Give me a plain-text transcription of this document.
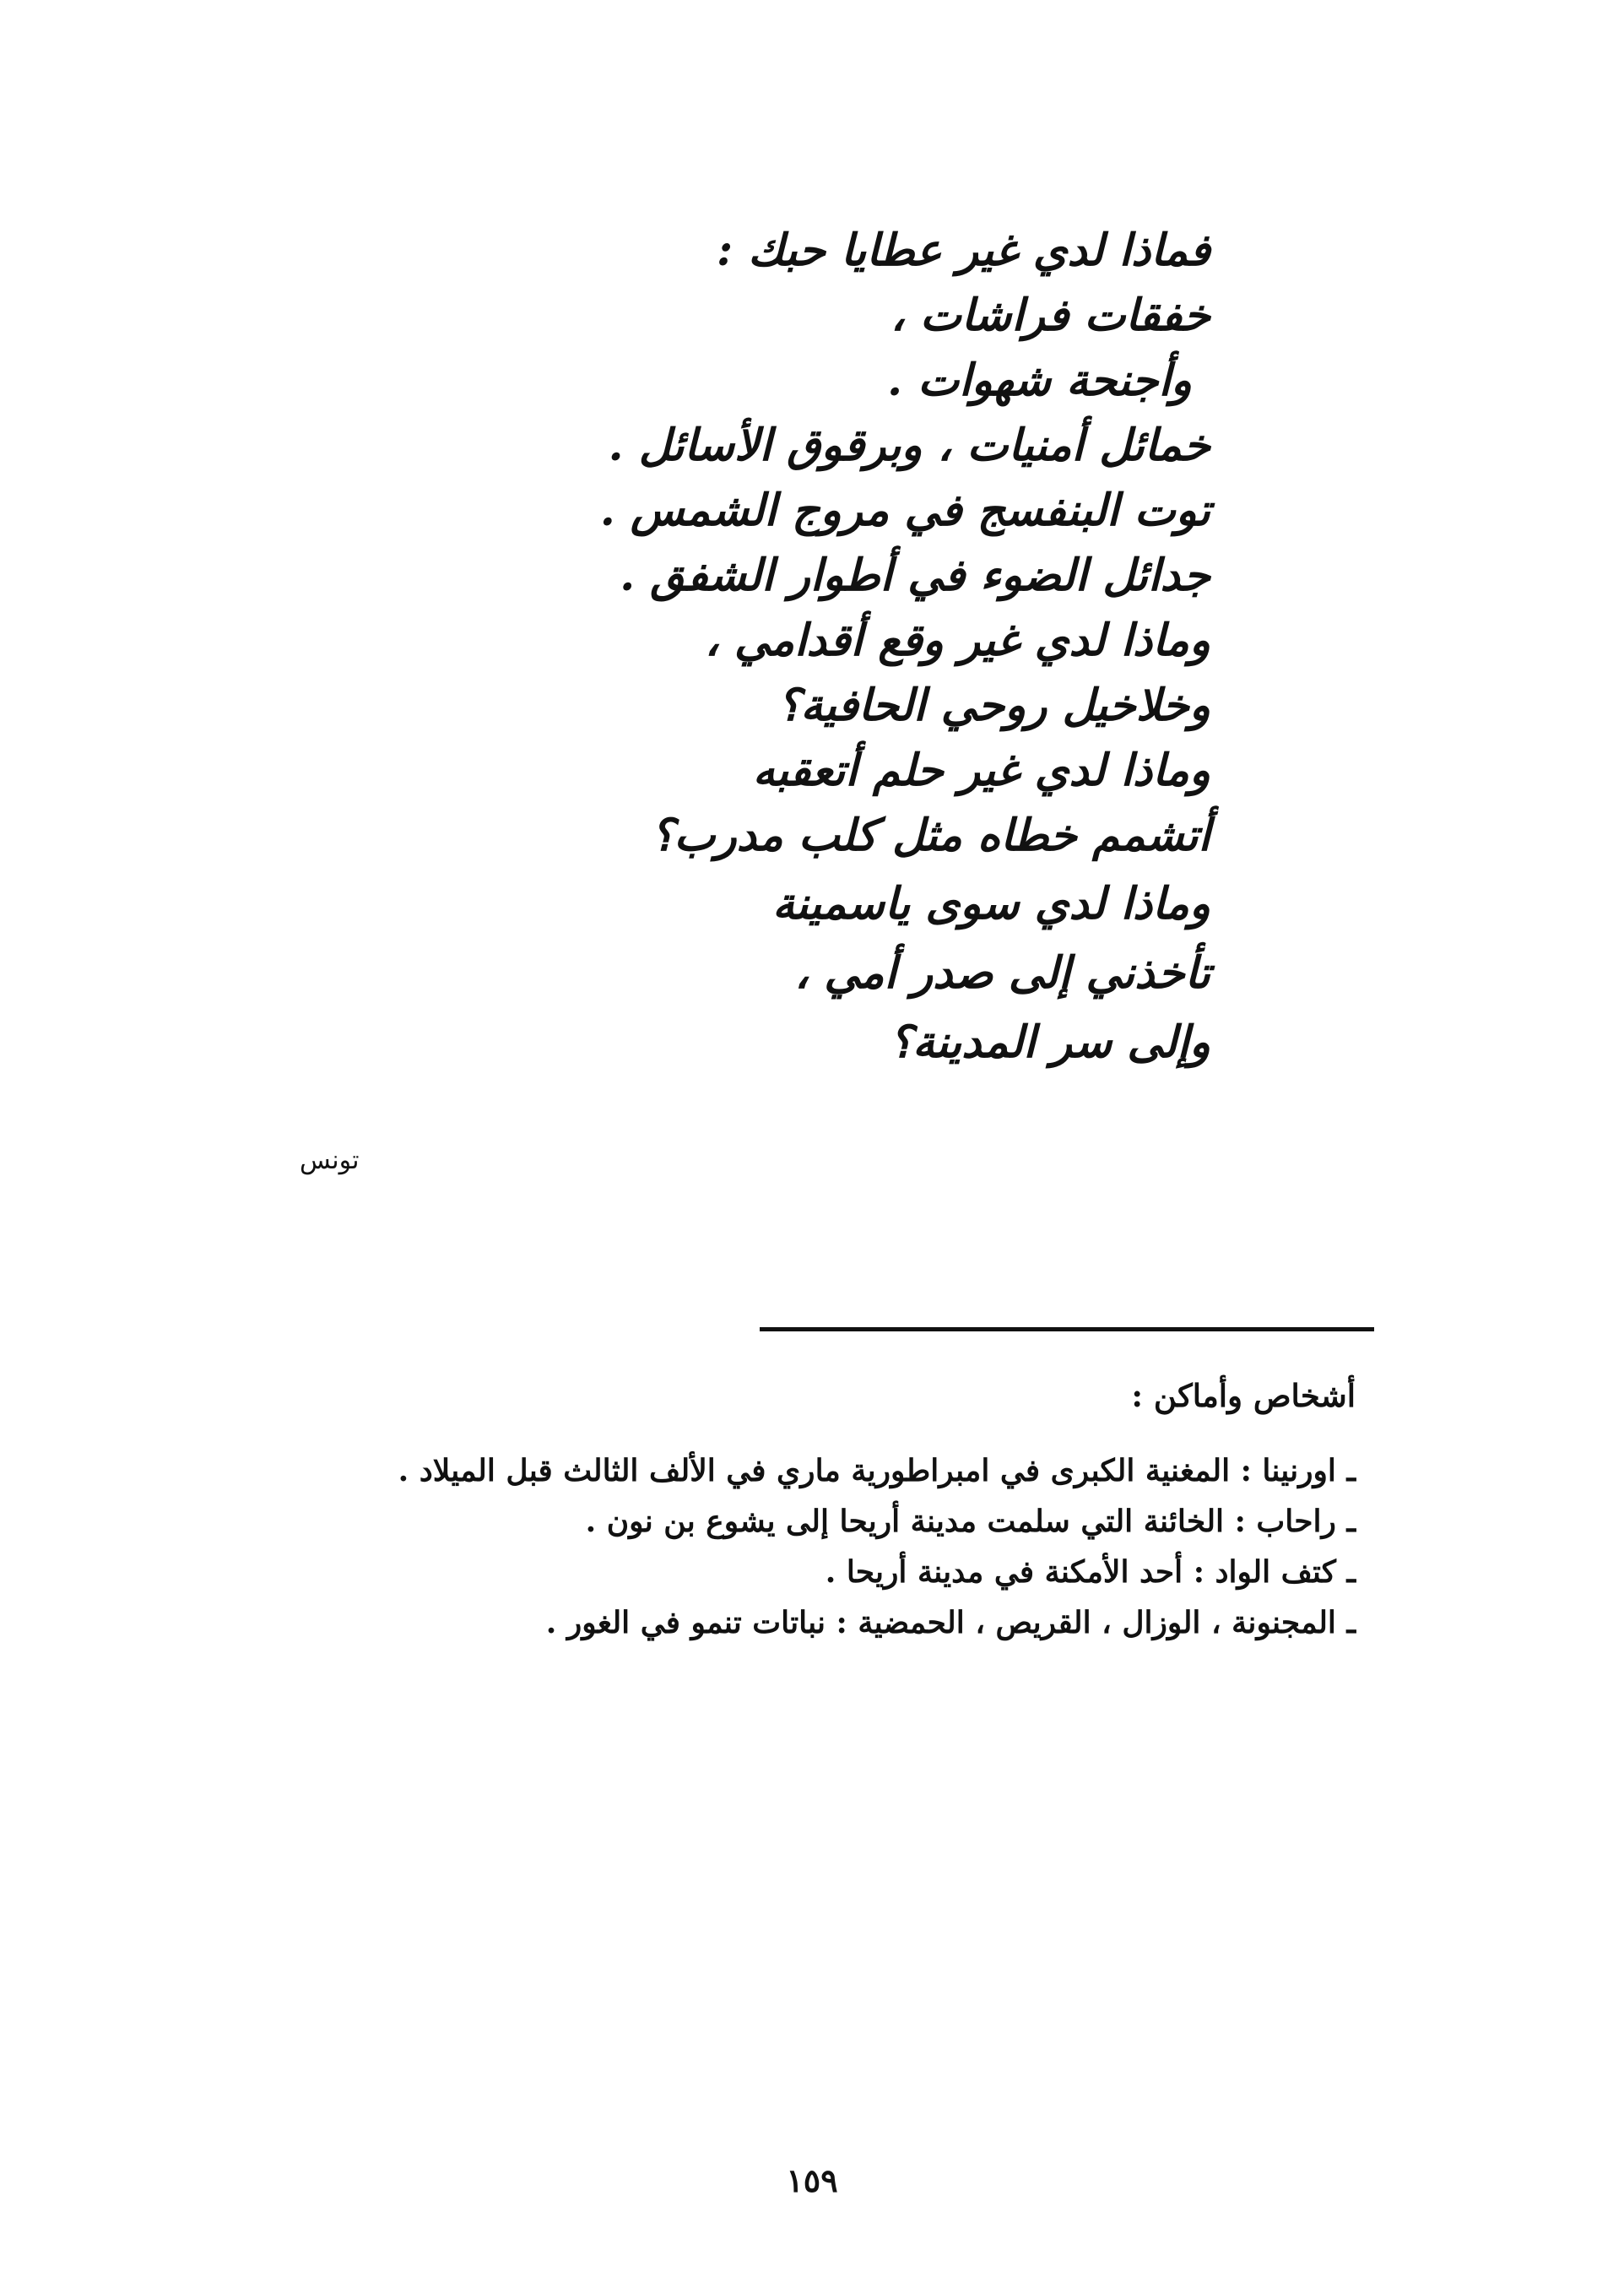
فماذا لدي غير عطايا حبك :
خفقات فراشات ،
وأجنحة شهوات .
خمائل أمنيات ، وبرقوق الأسائل .
توت البنفسج في مروج الشمس .
جدائل الضوء في أطوار الشفق .
وماذا لدي غير وقع أقدامي ،
وخلاخيل روحي الحافية؟
وماذا لدي غير حلم أتعقبه
أتشمم خطاه مثل كلب مدرب؟
وماذا لدي سوى ياسمينة
تأخذني إلى صدر أمي ،
وإلى سر المدينة؟
تونس
أشخاص وأماكن :
ـ اورنينا : المغنية الكبرى في امبراطورية ماري في الألف الثالث قبل الميلاد .
ـ راحاب : الخائنة التي سلمت مدينة أريحا إلى يشوع بن نون .
ـ كتف الواد : أحد الأمكنة في مدينة أريحا .
ـ المجنونة ، الوزال ، القريص ، الحمضية : نباتات تنمو في الغور .
١٥٩
